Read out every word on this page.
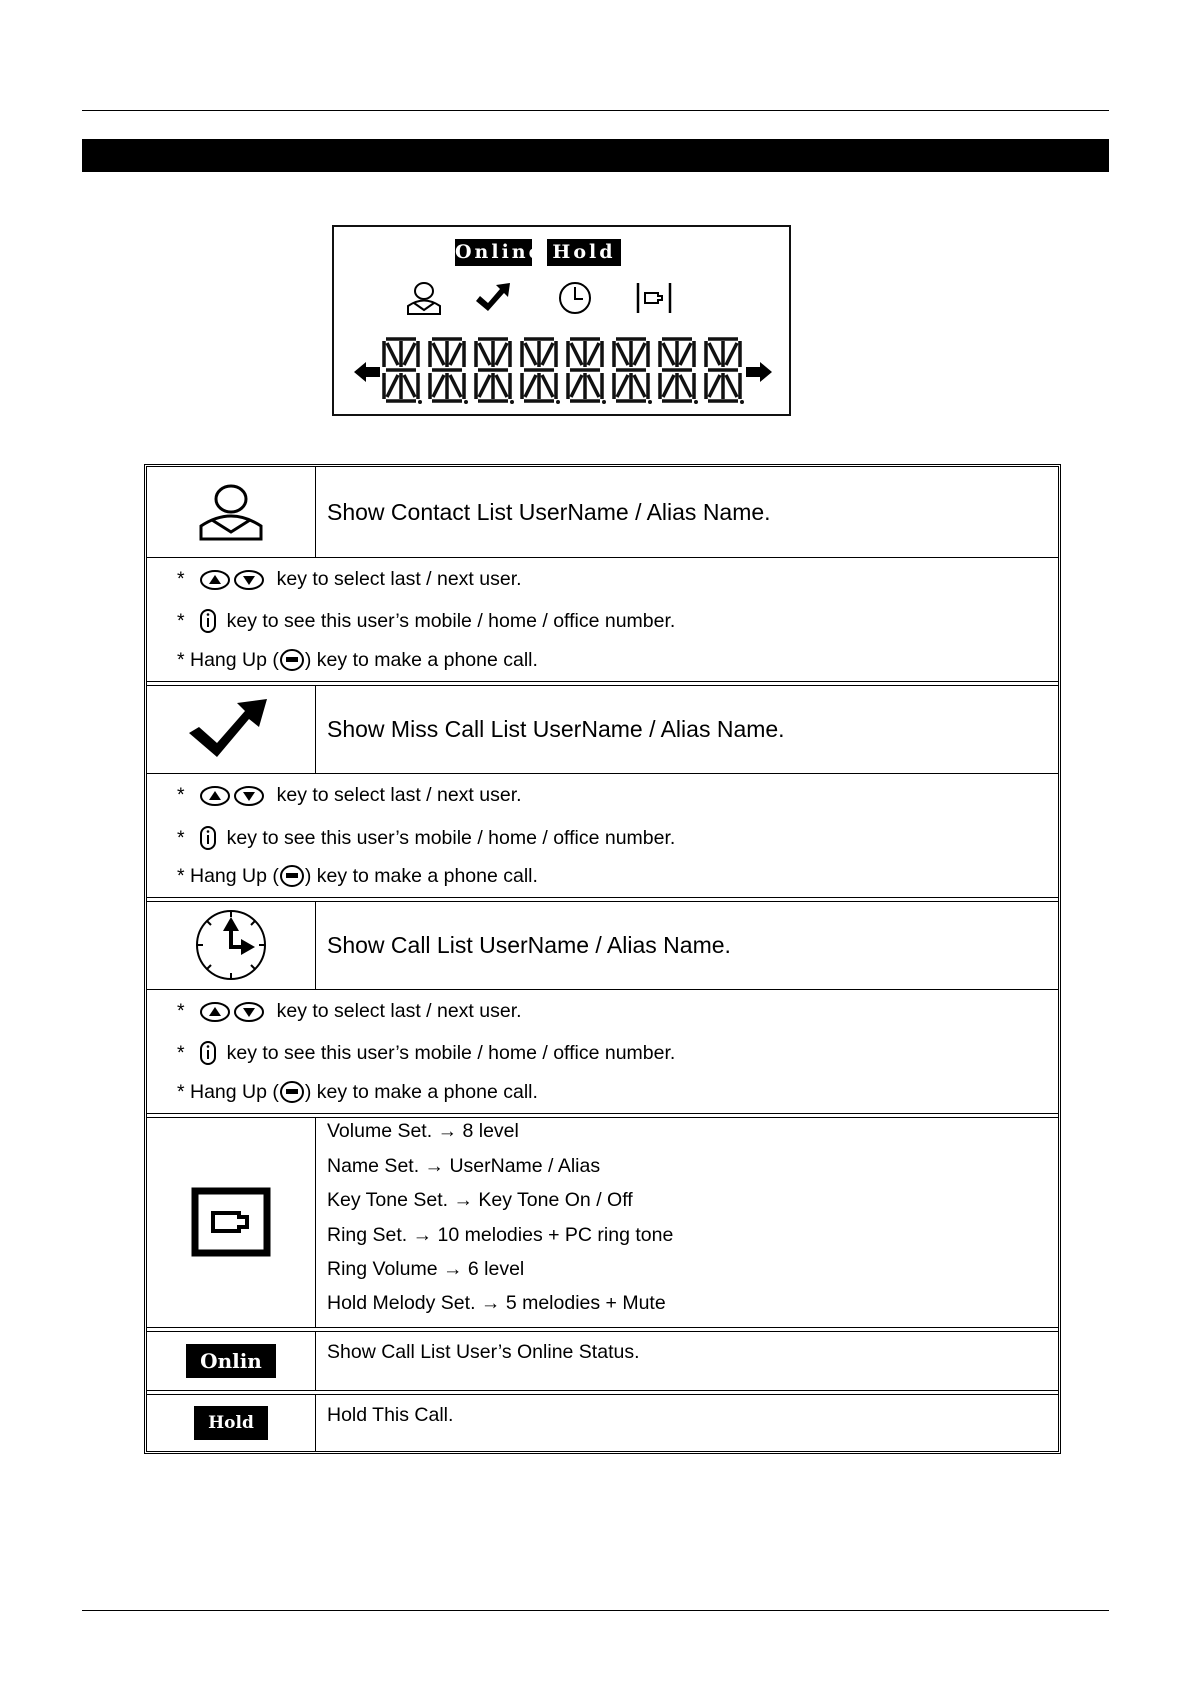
Online Hold
Show Contact List UserName / Alias Name.
*	key to select last / next user.
* key to see this user’s mobile / home / office number.
* Hang Up ( ) key to make a phone call.
Show Miss Call List UserName / Alias Name.
*	key to select last / next user.
* key to see this user’s mobile / home / office number.
* Hang Up ( ) key to make a phone call.
Show Call List UserName / Alias Name.
*	key to select last / next user.
* key to see this user’s mobile / home / office number.
* Hang Up ( ) key to make a phone call.
Volume Set. → 8 level
Name Set. → UserName / Alias
Key Tone Set. → Key Tone On / Off
Ring Set. → 10 melodies + PC ring tone
Ring Volume → 6 level
Hold Melody Set. → 5 melodies + Mute
Onlin	Show Call List User’s Online Status.
Hold	Hold This Call.
